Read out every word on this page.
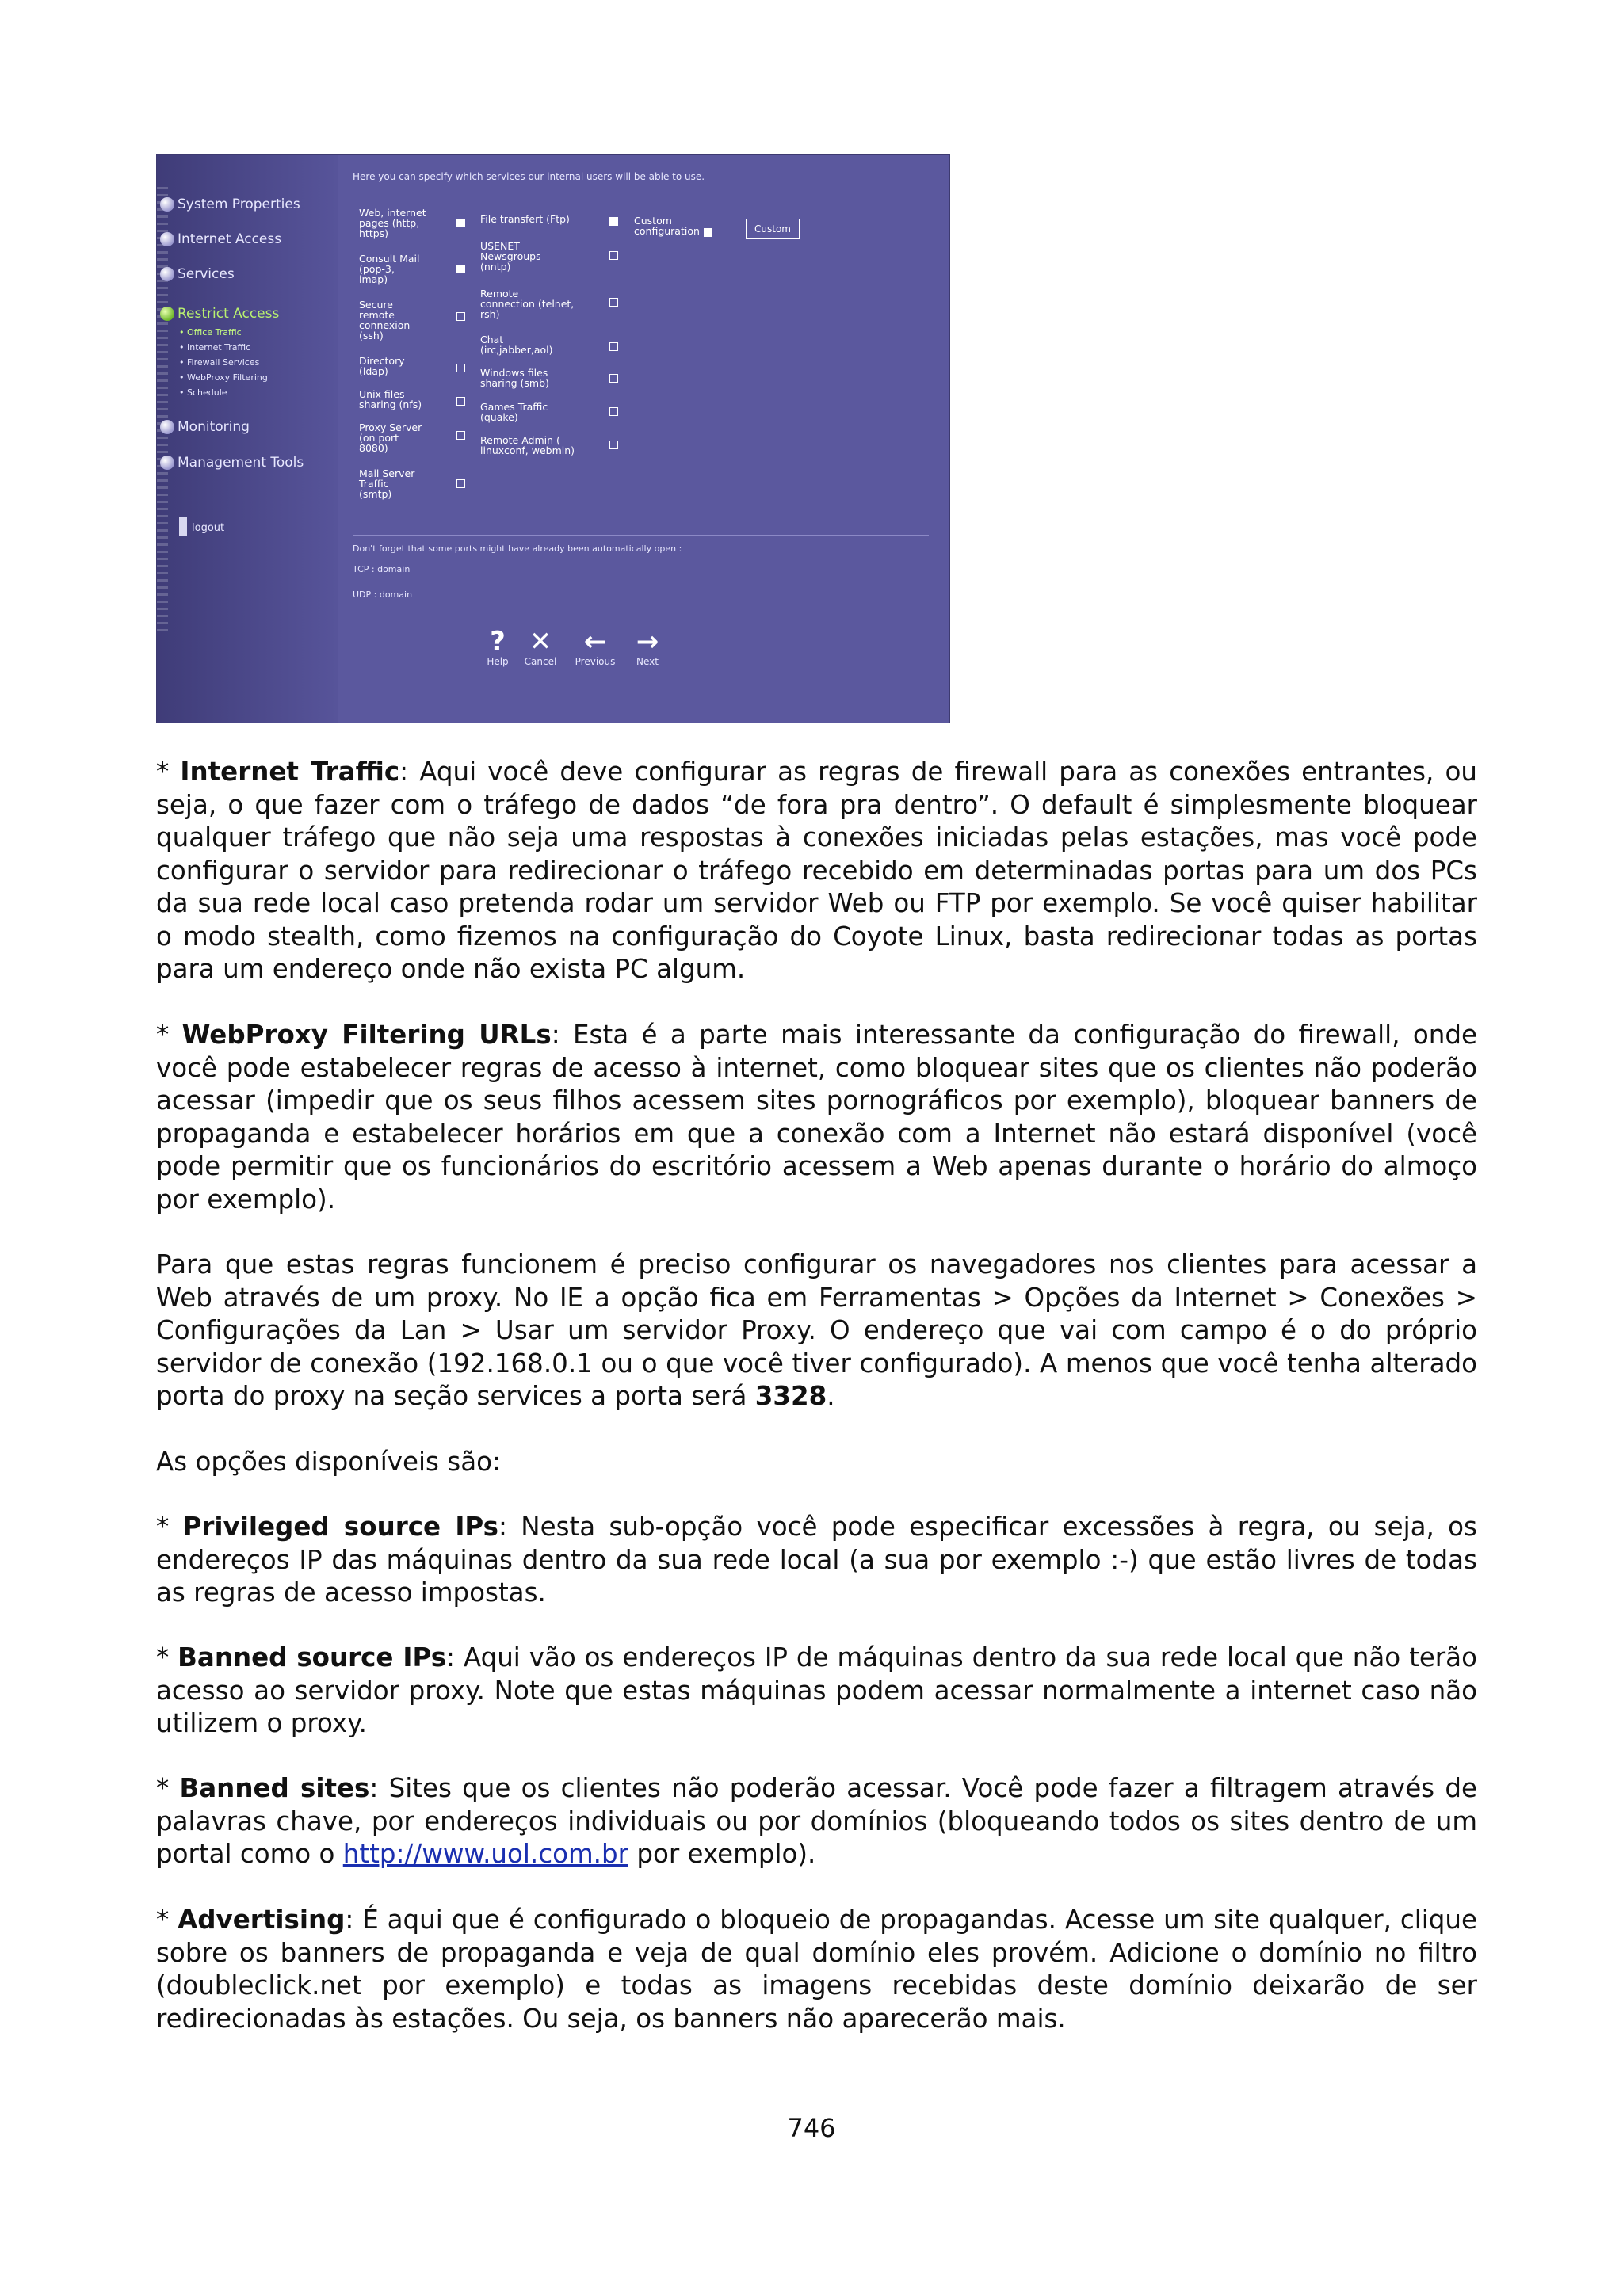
System Properties
Internet Access
Services
Restrict Access
• Office Traffic
• Internet Traffic
• Firewall Services
• WebProxy Filtering
• Schedule
Monitoring
Management Tools
logout
Here you can specify which services our internal users will be able to use.
Web, internet
pages (http,
https)
Consult Mail
(pop-3,
imap)
Secure
remote
connexion
(ssh)
Directory
(ldap)
Unix files
sharing (nfs)
Proxy Server
(on port
8080)
Mail Server
Traffic
(smtp)
File transfert (Ftp)
USENET
Newsgroups
(nntp)
Remote
connection (telnet,
rsh)
Chat
(irc,jabber,aol)
Windows files
sharing (smb)
Games Traffic
(quake)
Remote Admin (
linuxconf, webmin)
Custom
configuration	Custom
Don't forget that some ports might have already been automatically open :
TCP : domain
UDP : domain
?
Help
✕
Cancel
←
Previous
→
Next

* Internet Traffic: Aqui você deve configurar as regras de firewall para as conexões entrantes, ou seja, o que fazer com o tráfego de dados “de fora pra dentro”. O default é simplesmente bloquear qualquer tráfego que não seja uma respostas à conexões iniciadas pelas estações, mas você pode configurar o servidor para redirecionar o tráfego recebido em determinadas portas para um dos PCs da sua rede local caso pretenda rodar um servidor Web ou FTP por exemplo. Se você quiser habilitar o modo stealth, como fizemos na configuração do Coyote Linux, basta redirecionar todas as portas para um endereço onde não exista PC algum.

* WebProxy Filtering URLs: Esta é a parte mais interessante da configuração do firewall, onde você pode estabelecer regras de acesso à internet, como bloquear sites que os clientes não poderão acessar (impedir que os seus filhos acessem sites pornográficos por exemplo), bloquear banners de propaganda e estabelecer horários em que a conexão com a Internet não estará disponível (você pode permitir que os funcionários do escritório acessem a Web apenas durante o horário do almoço por exemplo).

Para que estas regras funcionem é preciso configurar os navegadores nos clientes para acessar a Web através de um proxy. No IE a opção fica em Ferramentas > Opções da Internet > Conexões > Configurações da Lan > Usar um servidor Proxy. O endereço que vai com campo é o do próprio servidor de conexão (192.168.0.1 ou o que você tiver configurado). A menos que você tenha alterado porta do proxy na seção services a porta será 3328.

As opções disponíveis são:

* Privileged source IPs: Nesta sub-opção você pode especificar excessões à regra, ou seja, os endereços IP das máquinas dentro da sua rede local (a sua por exemplo :-) que estão livres de todas as regras de acesso impostas.

* Banned source IPs: Aqui vão os endereços IP de máquinas dentro da sua rede local que não terão acesso ao servidor proxy. Note que estas máquinas podem acessar normalmente a internet caso não utilizem o proxy.

* Banned sites: Sites que os clientes não poderão acessar. Você pode fazer a filtragem através de palavras chave, por endereços individuais ou por domínios (bloqueando todos os sites dentro de um portal como o http://www.uol.com.br por exemplo).

* Advertising: É aqui que é configurado o bloqueio de propagandas. Acesse um site qualquer, clique sobre os banners de propaganda e veja de qual domínio eles provém. Adicione o domínio no filtro (doubleclick.net por exemplo) e todas as imagens recebidas deste domínio deixarão de ser redirecionadas às estações. Ou seja, os banners não aparecerão mais.

746
